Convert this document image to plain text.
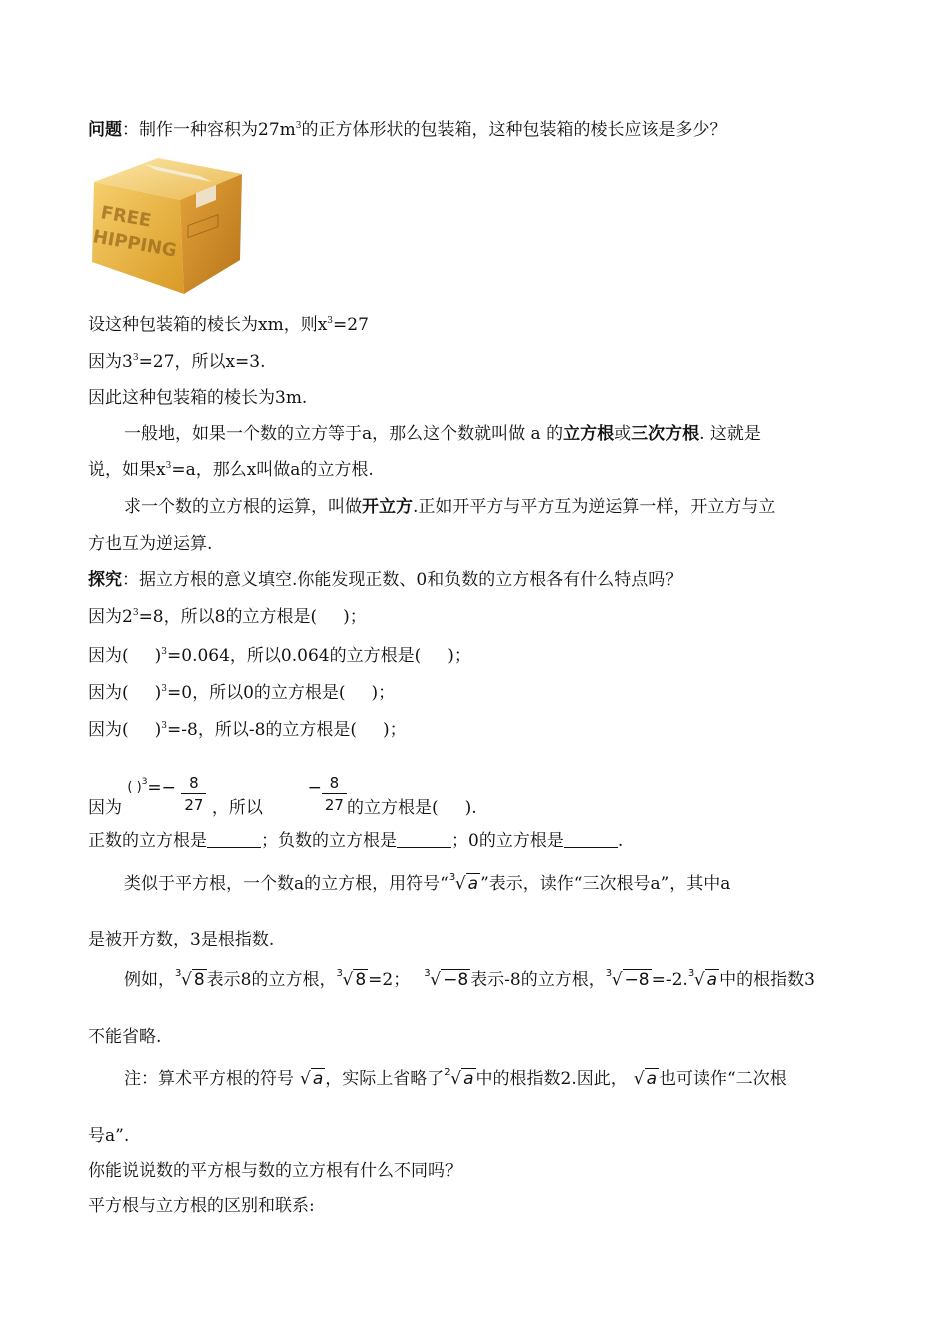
问题：制作一种容积为$27m^3$的正方体形状的包装箱，这种包装箱的棱长应该是多少？
FREE
HIPPING
设这种包装箱的棱长为xm，则$x^3=27$
因为$3^3=27$，所以x=3.
因此这种包装箱的棱长为3m.
一般地，如果一个数的立方等于a，那么这个数就叫做 a 的立方根或三次方根. 这就是
说，如果$x^3=a$，那么x叫做a的立方根.
求一个数的立方根的运算，叫做开立方.正如开平方与平方互为逆运算一样，开立方与立
方也互为逆运算.
探究：据立方根的意义填空.你能发现正数、0和负数的立方根各有什么特点吗？
因为$2^3=8$，所以8的立方根是( )；
因为( )$^3$=0.064，所以0.064的立方根是( )；
因为( )$^3$=0，所以0的立方根是( )；
因为( )$^3$=-8，所以-8的立方根是( )；
因为 $^{( )^3}=- \frac{8}{27}$ ，所以  − $\frac{8}{27}$ 的立方根是( ).
正数的立方根是	；负数的立方根是	；0的立方根是	.
类似于平方根，一个数a的立方根，用符号“ 3 √ a ”表示，读作“三次根号a”，其中a
是被开方数，3是根指数.
例如， 3 √ 8 表示8的立方根， 3 √ 8 =2； 3 √ −8 表示-8的立方根， 3 √ −8 =-2. 3 √ a 中的根指数3
不能省略.
注：算术平方根的符号 √ a ，实际上省略了 2 √ a 中的根指数2.因此， √ a 也可读作“二次根
号a”.
你能说说数的平方根与数的立方根有什么不同吗？
平方根与立方根的区别和联系:
